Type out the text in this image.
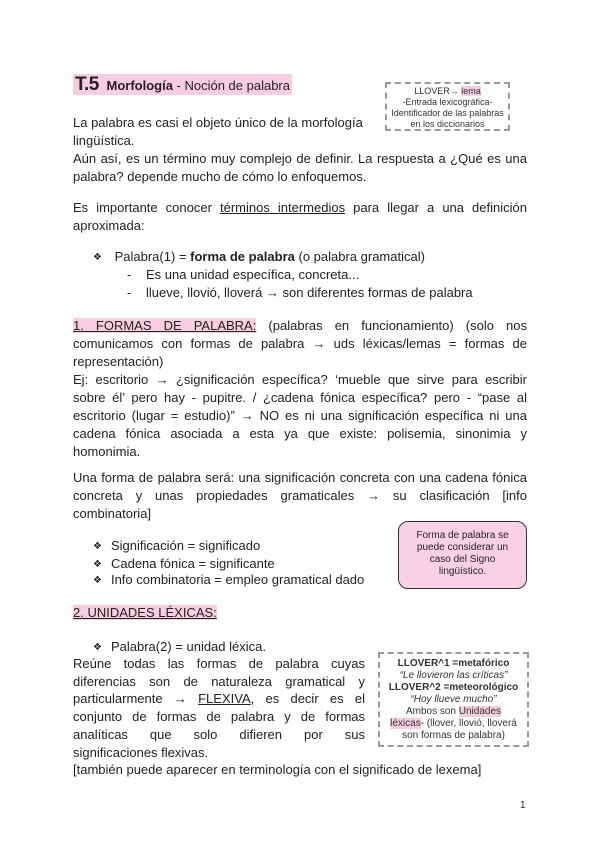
T.5 Morfología - Noción de palabra	LLOVER→ lema
-Entrada lexicográfica-
Identificador de las palabras
en los diccionarios
La palabra es casi el objeto único de la morfología
lingüística.
Aún así, es un término muy complejo de definir. La respuesta a ¿Qué es una palabra? depende mucho de cómo lo enfoquemos.
Es importante conocer términos intermedios para llegar a una definición aproximada:
❖ Palabra(1) = forma de palabra (o palabra gramatical)
- Es una unidad específica, concreta...
- llueve, llovió, lloverá → son diferentes formas de palabra
1. FORMAS DE PALABRA: (palabras en funcionamiento) (solo nos comunicamos con formas de palabra → uds léxicas/lemas = formas de representación)
Ej: escritorio → ¿significación específica? ‘mueble que sirve para escribir sobre él’ pero hay - pupitre. / ¿cadena fónica específica? pero - “pase al escritorio (lugar = estudio)” → NO es ni una significación específica ni una cadena fónica asociada a esta ya que existe: polisemia, sinonimia y homonimia.
Una forma de palabra será: una significación concreta con una cadena fónica concreta y unas propiedades gramaticales → su clasificación [info combinatoria]
❖ Significación = significado
❖ Cadena fónica = significante
❖ Info combinatoria = empleo gramatical dado
Forma de palabra se
puede considerar un
caso del Signo
lingüístico.
2. UNIDADES LÉXICAS:
❖ Palabra(2) = unidad léxica.
Reúne todas las formas de palabra cuyas
diferencias son de naturaleza gramatical y
particularmente → FLEXIVA, es decir es el
conjunto de formas de palabra y de formas
analíticas que solo difieren por sus
significaciones flexivas.
[también puede aparecer en terminología con el significado de lexema]
LLOVER^1 =metafórico
“Le llovieron las críticas”
LLOVER^2 =meteorológico
“Hoy llueve mucho”
Ambos son Unidades
léxicas- (llover, llovió, lloverá
son formas de palabra)
1
